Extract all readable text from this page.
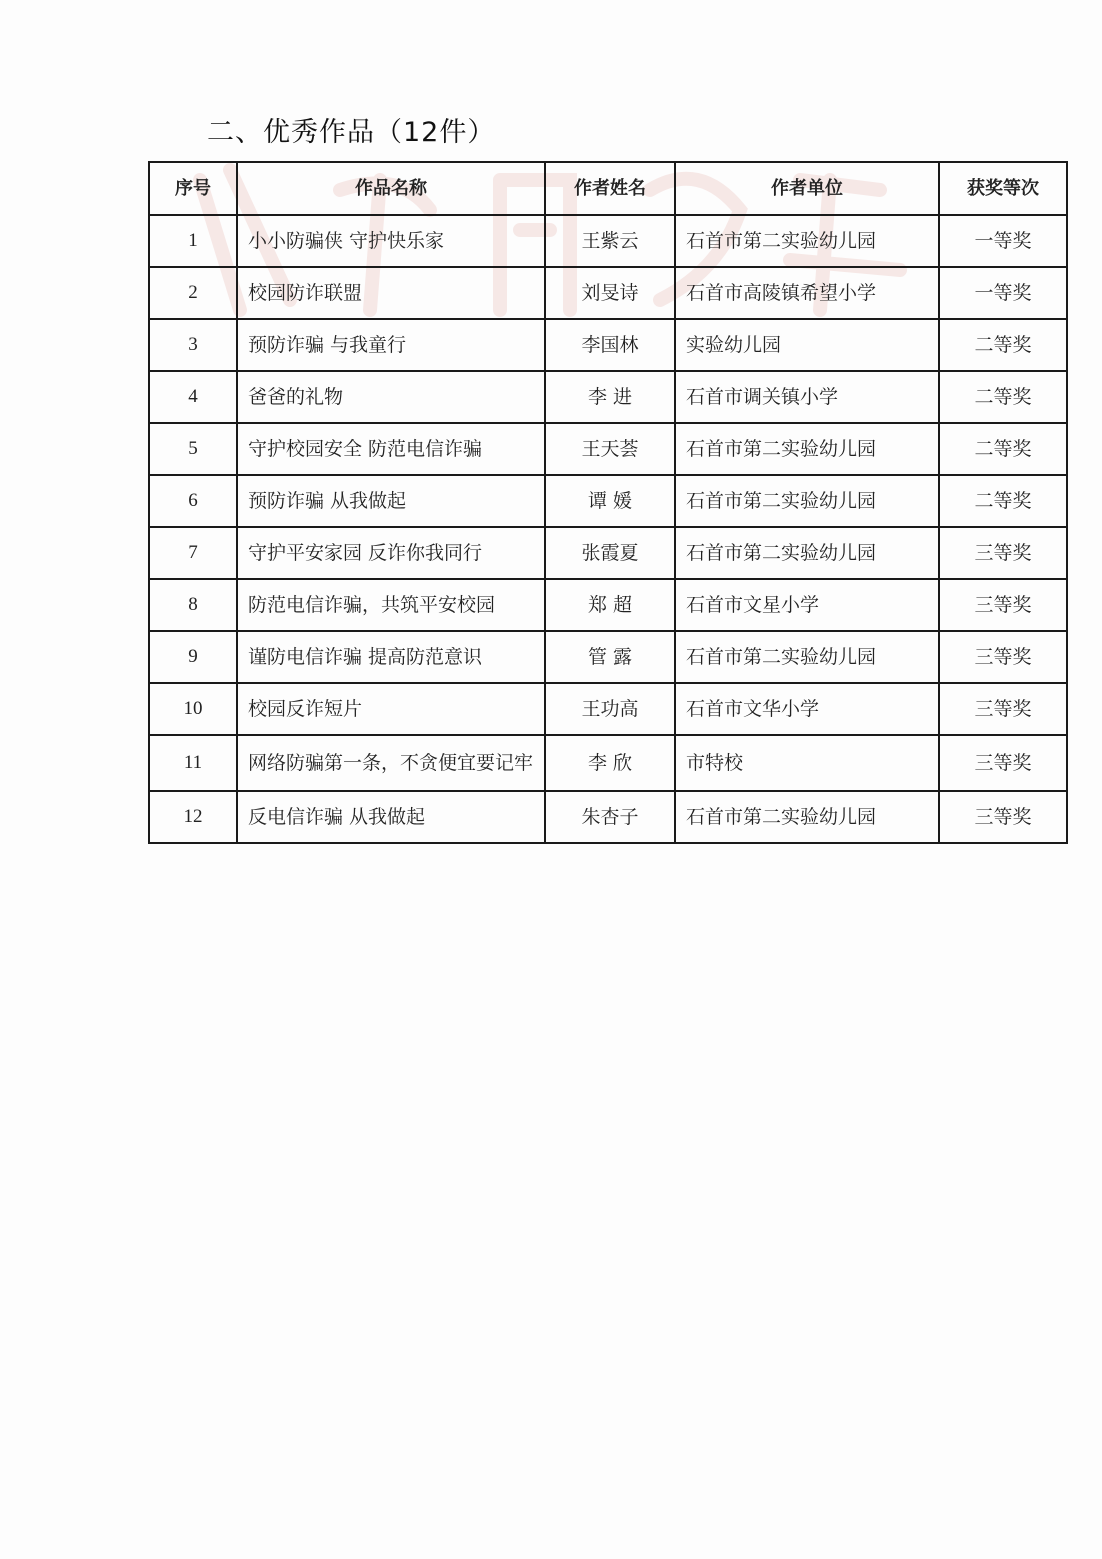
二、优秀作品（12件）
序号	作品名称	作者姓名	作者单位	获奖等次
1	小小防骗侠 守护快乐家	王紫云	石首市第二实验幼儿园	一等奖
2	校园防诈联盟	刘旻诗	石首市高陵镇希望小学	一等奖
3	预防诈骗 与我童行	李国林	实验幼儿园	二等奖
4	爸爸的礼物	李 进	石首市调关镇小学	二等奖
5	守护校园安全 防范电信诈骗	王天荟	石首市第二实验幼儿园	二等奖
6	预防诈骗 从我做起	谭 媛	石首市第二实验幼儿园	二等奖
7	守护平安家园 反诈你我同行	张霞夏	石首市第二实验幼儿园	三等奖
8	防范电信诈骗，共筑平安校园	郑 超	石首市文星小学	三等奖
9	谨防电信诈骗 提高防范意识	管 露	石首市第二实验幼儿园	三等奖
10	校园反诈短片	王功高	石首市文华小学	三等奖
11	网络防骗第一条，不贪便宜要记牢	李 欣	市特校	三等奖
12	反电信诈骗 从我做起	朱杏子	石首市第二实验幼儿园	三等奖
